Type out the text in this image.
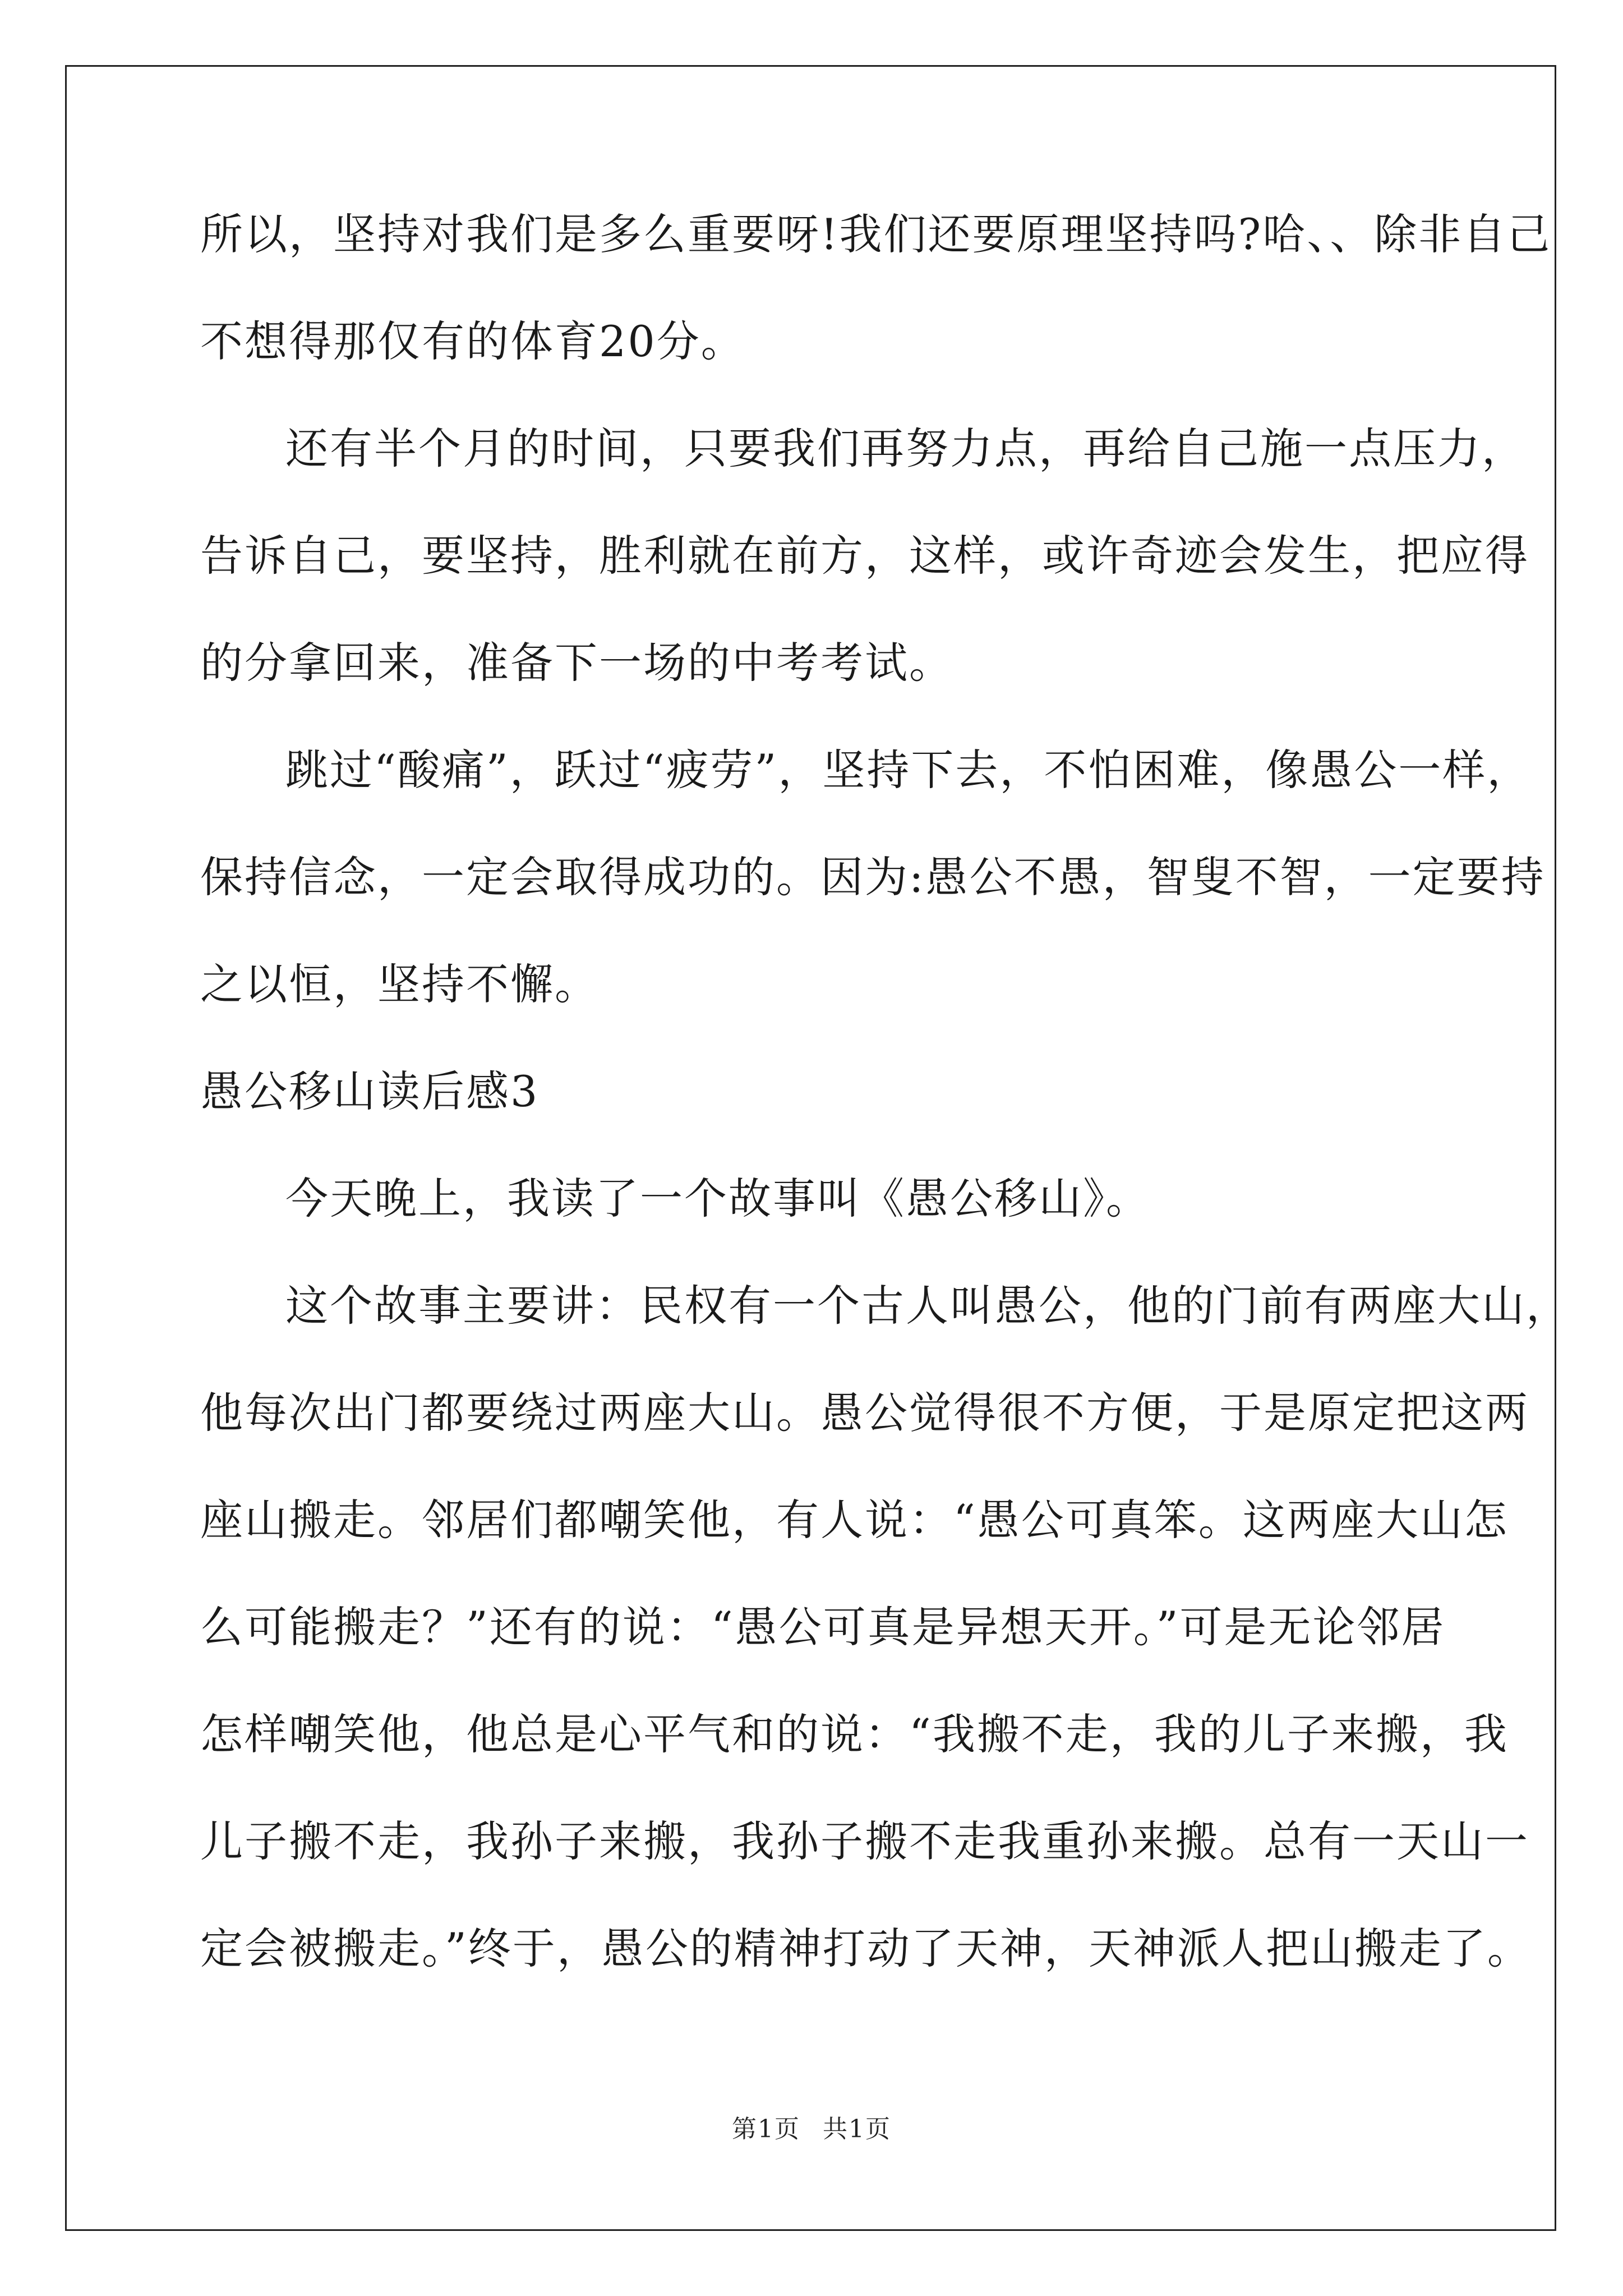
所以，坚持对我们是多么重要呀!我们还要原理坚持吗?哈、、除非自己
不想得那仅有的体育20分。
还有半个月的时间，只要我们再努力点，再给自己施一点压力，
告诉自己，要坚持，胜利就在前方，这样，或许奇迹会发生，把应得
的分拿回来，准备下一场的中考考试。
跳过“酸痛”，跃过“疲劳”，坚持下去，不怕困难，像愚公一样，
保持信念，一定会取得成功的。因为:愚公不愚，智叟不智，一定要持
之以恒，坚持不懈。
愚公移山读后感3
今天晚上，我读了一个故事叫《愚公移山》。
这个故事主要讲：民权有一个古人叫愚公，他的门前有两座大山，
他每次出门都要绕过两座大山。愚公觉得很不方便，于是原定把这两
座山搬走。邻居们都嘲笑他，有人说：“愚公可真笨。这两座大山怎
么可能搬走？”还有的说：“愚公可真是异想天开。”可是无论邻居
怎样嘲笑他，他总是心平气和的说：“我搬不走，我的儿子来搬，我
儿子搬不走，我孙子来搬，我孙子搬不走我重孙来搬。总有一天山一
定会被搬走。”终于，愚公的精神打动了天神，天神派人把山搬走了。
第1页 共1页
